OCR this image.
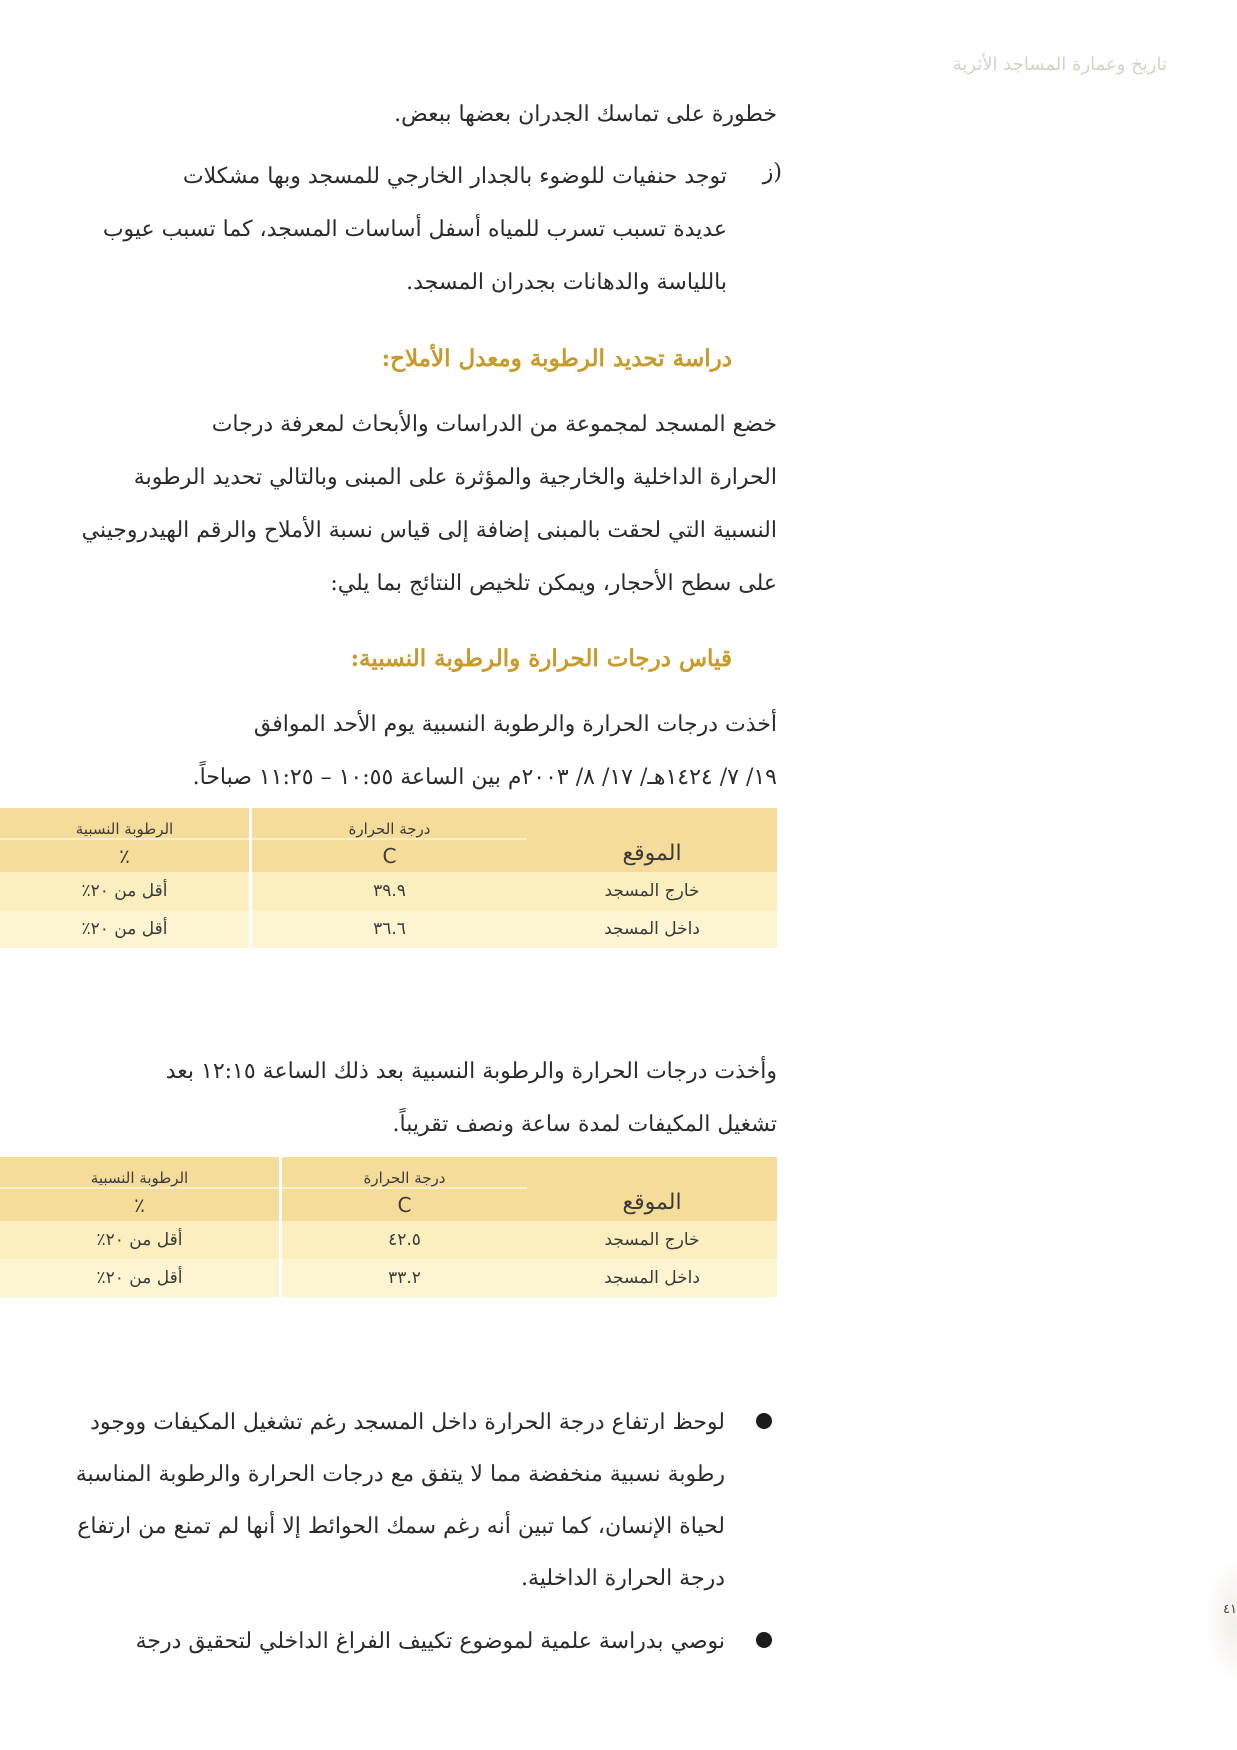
تاريخ وعمارة المساجد الأثرية
٤١
خطورة على تماسك الجدران بعضها ببعض.
ز)
توجد حنفيات للوضوء بالجدار الخارجي للمسجد وبها مشكلات
عديدة تسبب تسرب للمياه أسفل أساسات المسجد، كما تسبب عيوب
باللياسة والدهانات بجدران المسجد.
دراسة تحديد الرطوبة ومعدل الأملاح:
خضع المسجد لمجموعة من الدراسات والأبحاث لمعرفة درجات
الحرارة الداخلية والخارجية والمؤثرة على المبنى وبالتالي تحديد الرطوبة
النسبية التي لحقت بالمبنى إضافة إلى قياس نسبة الأملاح والرقم الهيدروجيني
على سطح الأحجار، ويمكن تلخيص النتائج بما يلي:
قياس درجات الحرارة والرطوبة النسبية:
أخذت درجات الحرارة والرطوبة النسبية يوم الأحد الموافق
١٩/ ٧/ ١٤٢٤هـ/ ١٧/ ٨/ ٢٠٠٣م بين الساعة ١٠:٥٥ – ١١:٢٥ صباحاً.
الموقع	درجة الحرارة	الرطوبة النسبية
	C	٪
خارج المسجد	٣٩.٩	أقل من ٢٠٪
داخل المسجد	٣٦.٦	أقل من ٢٠٪
وأخذت درجات الحرارة والرطوبة النسبية بعد ذلك الساعة ١٢:١٥ بعد
تشغيل المكيفات لمدة ساعة ونصف تقريباً.
الموقع	درجة الحرارة	الرطوبة النسبية
	C	٪
خارج المسجد	٤٢.٥	أقل من ٢٠٪
داخل المسجد	٣٣.٢	أقل من ٢٠٪
لوحظ ارتفاع درجة الحرارة داخل المسجد رغم تشغيل المكيفات ووجود
رطوبة نسبية منخفضة مما لا يتفق مع درجات الحرارة والرطوبة المناسبة
لحياة الإنسان، كما تبين أنه رغم سمك الحوائط إلا أنها لم تمنع من ارتفاع
درجة الحرارة الداخلية.
نوصي بدراسة علمية لموضوع تكييف الفراغ الداخلي لتحقيق درجة
